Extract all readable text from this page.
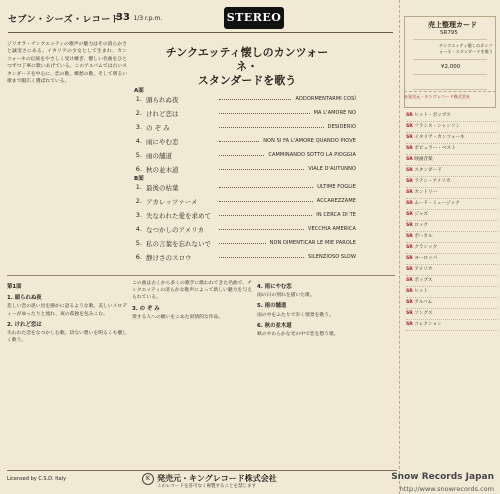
セブン・シーズ・レコード
33 1/3 r.p.m.	STEREO
チンクエッティ懐しのカンツォーネ・
スタンダードを歌う
ジリオラ・チンクエッティの歌声の魅力はその清らかさと誠実さにある。イタリアの少女として生まれ、カンツォーネの伝統をやさしく受け継ぎ、懐しい名曲をひとつずつ丁寧に歌いあげている。このアルバムでは古いスタンダードを中心に、恋の歌、郷愁の歌、そして明るい歌まで幅広く選ばれている。
A面
1. 頭られぬ夜	ADDORMENTARMI COSÌ
2. けれど恋は	MA L'AMORE NO
3. の ぞ み	DESIDERIO
4. 雨にやむ恋	NON SI FA L'AMORE QUANDO PIOVE
5. 雨の舗道	CAMMINANDO SOTTO LA PIOGGIA
6. 秋の並木道	VIALE D'AUTUNNO
B面
1. 最後の枯葉	ULTIME FOGLIE
2. アカレッツァーメ	ACCAREZZAME
3. 失なわれた愛を求めて	IN CERCA DI TE
4. なつかしのアメリカ	VECCHIA AMERICA
5. 私の言葉を忘れないで	NON DIMENTICAR LE MIE PAROLE
6. 静けさのスロウ	SILENZIOSO SLOW
第1面
1. 頭られぬ夜
悲しい恋の思い出を静かに語るような歌。美しいメロディーがゆったりと流れ、夜の孤独を包みこむ。
2. けれど恋は
失われた恋をなつかしむ歌。切ない想いを明るくも優しく歌う。
この曲は古くから多くの歌手に歌われてきた名曲で、チンクエッティの清らかな歌声によって新しい魅力を与えられている。
3. の ぞ み
愛する人への願いをこめた叙情的な作品。
4. 雨にやむ恋
雨の日の別れを描いた歌。
5. 雨の舗道
雨の中をふたりで歩く情景を歌う。
6. 秋の並木道
秋のやわらかな光の中で恋を想う歌。
Licensed by C.S.D. Italy	K 発売元・キングレコード株式会社
このレコードを許可なく複製することを禁じます
売上整理カード
SR795
チンクエッティ懐しのカンツォーネ・スタンダードを歌う
¥2,000
◎発売元・キングレコード株式会社
SR ヒット・ポップス
SR フランス・シャンソン
SR イタリア・カンツォーネ
SR ポピュラー・ベスト
SR 映画音楽
SR スタンダード
SR ラテン・アメリカ
SR カントリー
SR ムード・ミュージック
SR ジャズ
SR ロック
SR ボーカル
SR クラシック
SR ヨーロッパ
SR アメリカ
SR ポップス
SR ヒット
SR アルバム
SR ソングス
SR コレクション
Snow Records Japan
http://www.snowrecords.com
